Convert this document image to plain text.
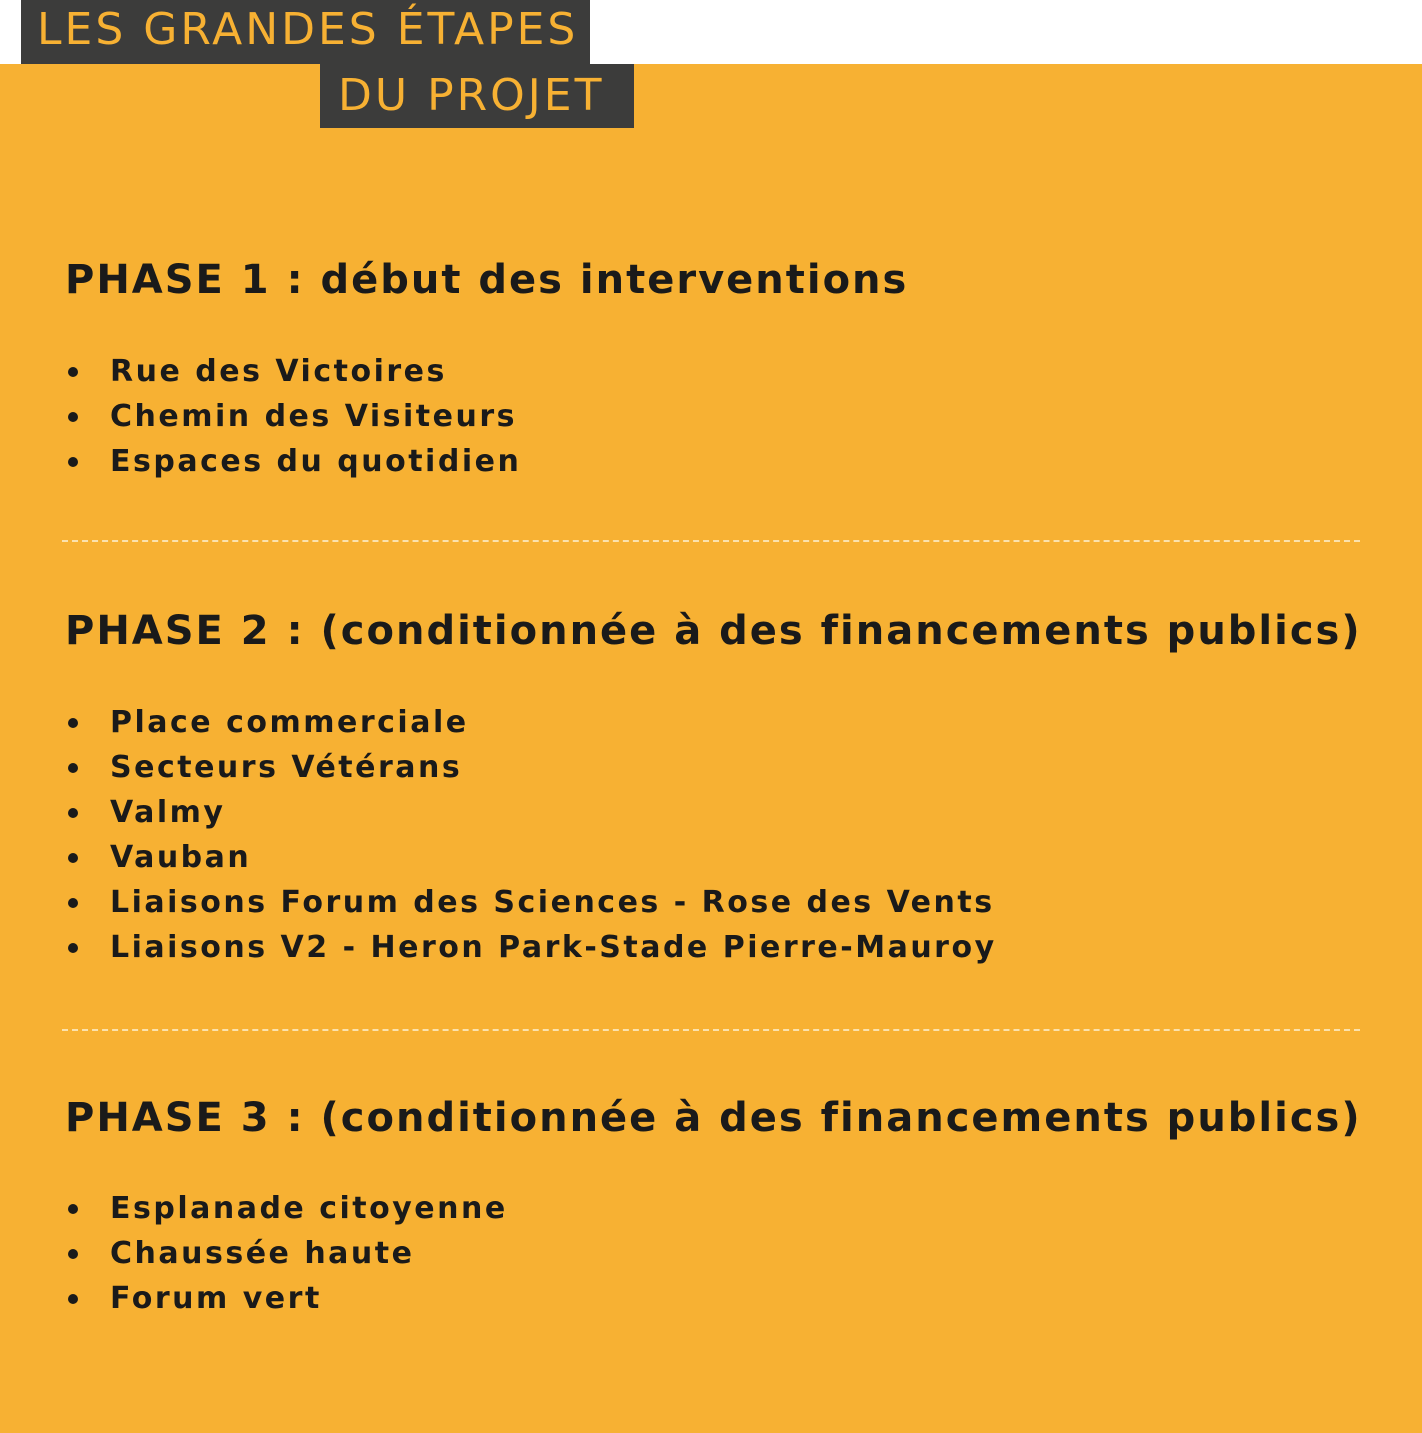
LES GRANDES ÉTAPES
DU PROJET
PHASE 1 : début des interventions
Rue des Victoires
Chemin des Visiteurs
Espaces du quotidien
PHASE 2 : (conditionnée à des financements publics)
Place commerciale
Secteurs Vétérans
Valmy
Vauban
Liaisons Forum des Sciences - Rose des Vents
Liaisons V2 - Heron Park-Stade Pierre-Mauroy
PHASE 3 : (conditionnée à des financements publics)
Esplanade citoyenne
Chaussée haute
Forum vert
